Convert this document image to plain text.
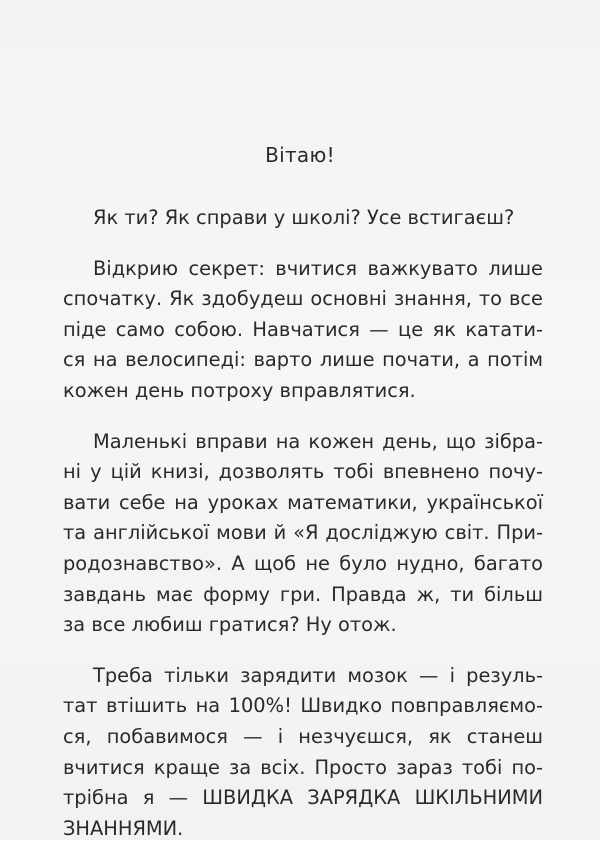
Вітаю!
Як ти? Як справи у школі? Усе встигаєш?
Відкрию секрет: вчитися важкувато лише
спочатку. Як здобудеш основні знання, то все
піде само собою. Навчатися — це як катати-
ся на велосипеді: варто лише почати, а потім
кожен день потроху вправлятися.
Маленькі вправи на кожен день, що зібра-
ні у цій книзі, дозволять тобі впевнено почу-
вати себе на уроках математики, української
та англійської мови й «Я досліджую світ. При-
родознавство». А щоб не було нудно, багато
завдань має форму гри. Правда ж, ти більш
за все любиш гратися? Ну отож.
Треба тільки зарядити мозок — і резуль-
тат втішить на 100%! Швидко повправляємо-
ся, побавимося — і незчуєшся, як станеш
вчитися краще за всіх. Просто зараз тобі по-
трібна я — ШВИДКА ЗАРЯДКА ШКІЛЬНИМИ
ЗНАННЯМИ.
